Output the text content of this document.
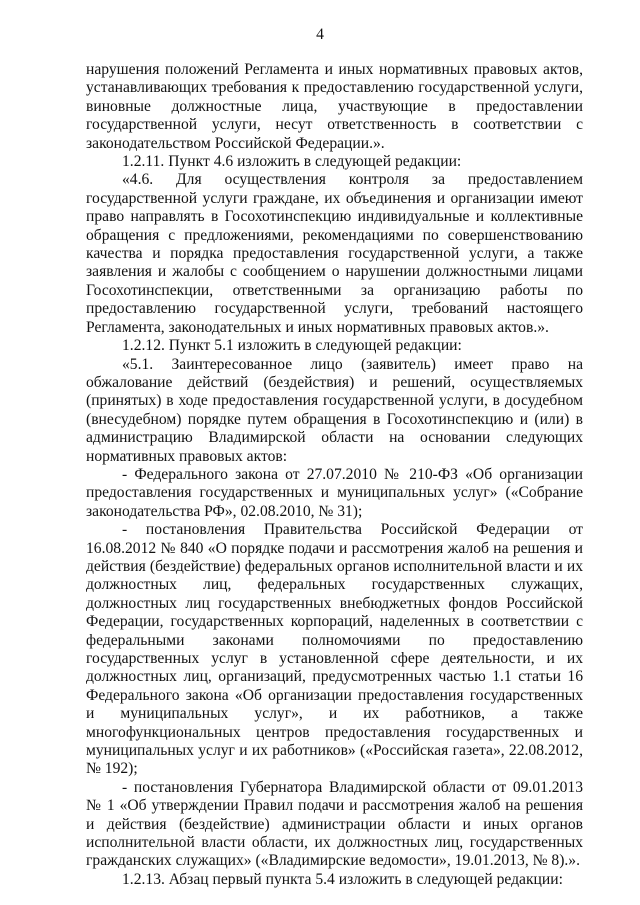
4

нарушения положений Регламента и иных нормативных правовых актов, устанавливающих требования к предоставлению государственной услуги, виновные должностные лица, участвующие в предоставлении государственной услуги, несут ответственность в соответствии с законодательством Российской Федерации.».

1.2.11. Пункт 4.6 изложить в следующей редакции:

«4.6. Для осуществления контроля за предоставлением государственной услуги граждане, их объединения и организации имеют право направлять в Госохотинспекцию индивидуальные и коллективные обращения с предложениями, рекомендациями по совершенствованию качества и порядка предоставления государственной услуги, а также заявления и жалобы с сообщением о нарушении должностными лицами Госохотинспекции, ответственными за организацию работы по предоставлению государственной услуги, требований настоящего Регламента, законодательных и иных нормативных правовых актов.».

1.2.12. Пункт 5.1 изложить в следующей редакции:

«5.1. Заинтересованное лицо (заявитель) имеет право на обжалование действий (бездействия) и решений, осуществляемых (принятых) в ходе предоставления государственной услуги, в досудебном (внесудебном) порядке путем обращения в Госохотинспекцию и (или) в администрацию Владимирской области на основании следующих нормативных правовых актов:

- Федерального закона от 27.07.2010 № 210-ФЗ «Об организации предоставления государственных и муниципальных услуг» («Собрание законодательства РФ», 02.08.2010, № 31);

- постановления Правительства Российской Федерации от 16.08.2012 № 840 «О порядке подачи и рассмотрения жалоб на решения и действия (бездействие) федеральных органов исполнительной власти и их должностных лиц, федеральных государственных служащих, должностных лиц государственных внебюджетных фондов Российской Федерации, государственных корпораций, наделенных в соответствии с федеральными законами полномочиями по предоставлению государственных услуг в установленной сфере деятельности, и их должностных лиц, организаций, предусмотренных частью 1.1 статьи 16 Федерального закона «Об организации предоставления государственных и муниципальных услуг», и их работников, а также многофункциональных центров предоставления государственных и муниципальных услуг и их работников» («Российская газета», 22.08.2012, № 192);

- постановления Губернатора Владимирской области от 09.01.2013 № 1 «Об утверждении Правил подачи и рассмотрения жалоб на решения и действия (бездействие) администрации области и иных органов исполнительной власти области, их должностных лиц, государственных гражданских служащих» («Владимирские ведомости», 19.01.2013, № 8).».

1.2.13. Абзац первый пункта 5.4 изложить в следующей редакции:
